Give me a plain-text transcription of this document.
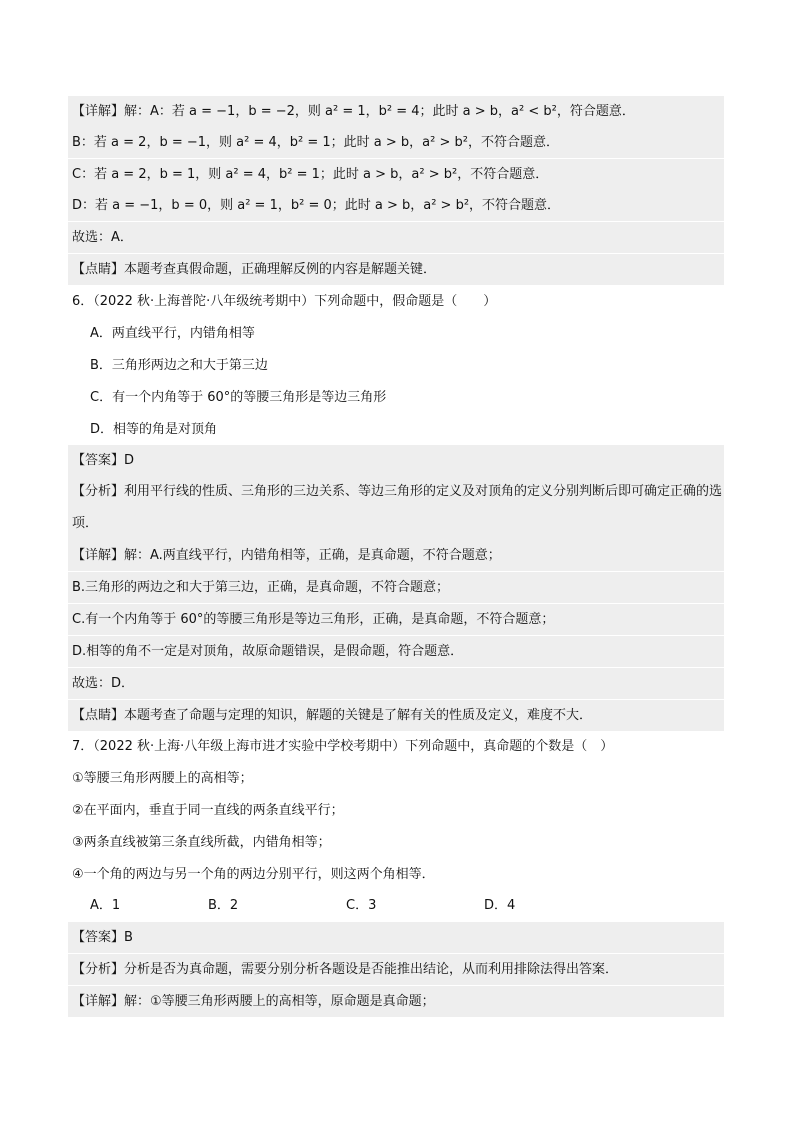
【详解】解：A：若 a = −1，b = −2，则 a² = 1，b² = 4；此时 a > b，a² < b²，符合题意．
B：若 a = 2，b = −1，则 a² = 4，b² = 1；此时 a > b，a² > b²，不符合题意．
C：若 a = 2，b = 1，则 a² = 4，b² = 1；此时 a > b，a² > b²，不符合题意．
D：若 a = −1，b = 0，则 a² = 1，b² = 0；此时 a > b，a² > b²，不符合题意．
故选：A．
【点睛】本题考查真假命题，正确理解反例的内容是解题关键．
6．（2022 秋·上海普陀·八年级统考期中）下列命题中，假命题是（　　）
A．两直线平行，内错角相等
B．三角形两边之和大于第三边
C．有一个内角等于 60°的等腰三角形是等边三角形
D．相等的角是对顶角
【答案】D
【分析】利用平行线的性质、三角形的三边关系、等边三角形的定义及对顶角的定义分别判断后即可确定正确的选项．
【详解】解：A.两直线平行，内错角相等，正确，是真命题，不符合题意；
B.三角形的两边之和大于第三边，正确，是真命题，不符合题意；
C.有一个内角等于 60°的等腰三角形是等边三角形，正确，是真命题，不符合题意；
D.相等的角不一定是对顶角，故原命题错误，是假命题，符合题意．
故选：D．
【点睛】本题考查了命题与定理的知识，解题的关键是了解有关的性质及定义，难度不大．
7．（2022 秋·上海·八年级上海市进才实验中学校考期中）下列命题中，真命题的个数是（　）
①等腰三角形两腰上的高相等；
②在平面内，垂直于同一直线的两条直线平行；
③两条直线被第三条直线所截，内错角相等；
④一个角的两边与另一个角的两边分别平行，则这两个角相等．
A．1	B．2	C．3	D．4
【答案】B
【分析】分析是否为真命题，需要分别分析各题设是否能推出结论，从而利用排除法得出答案．
【详解】解：①等腰三角形两腰上的高相等，原命题是真命题；
